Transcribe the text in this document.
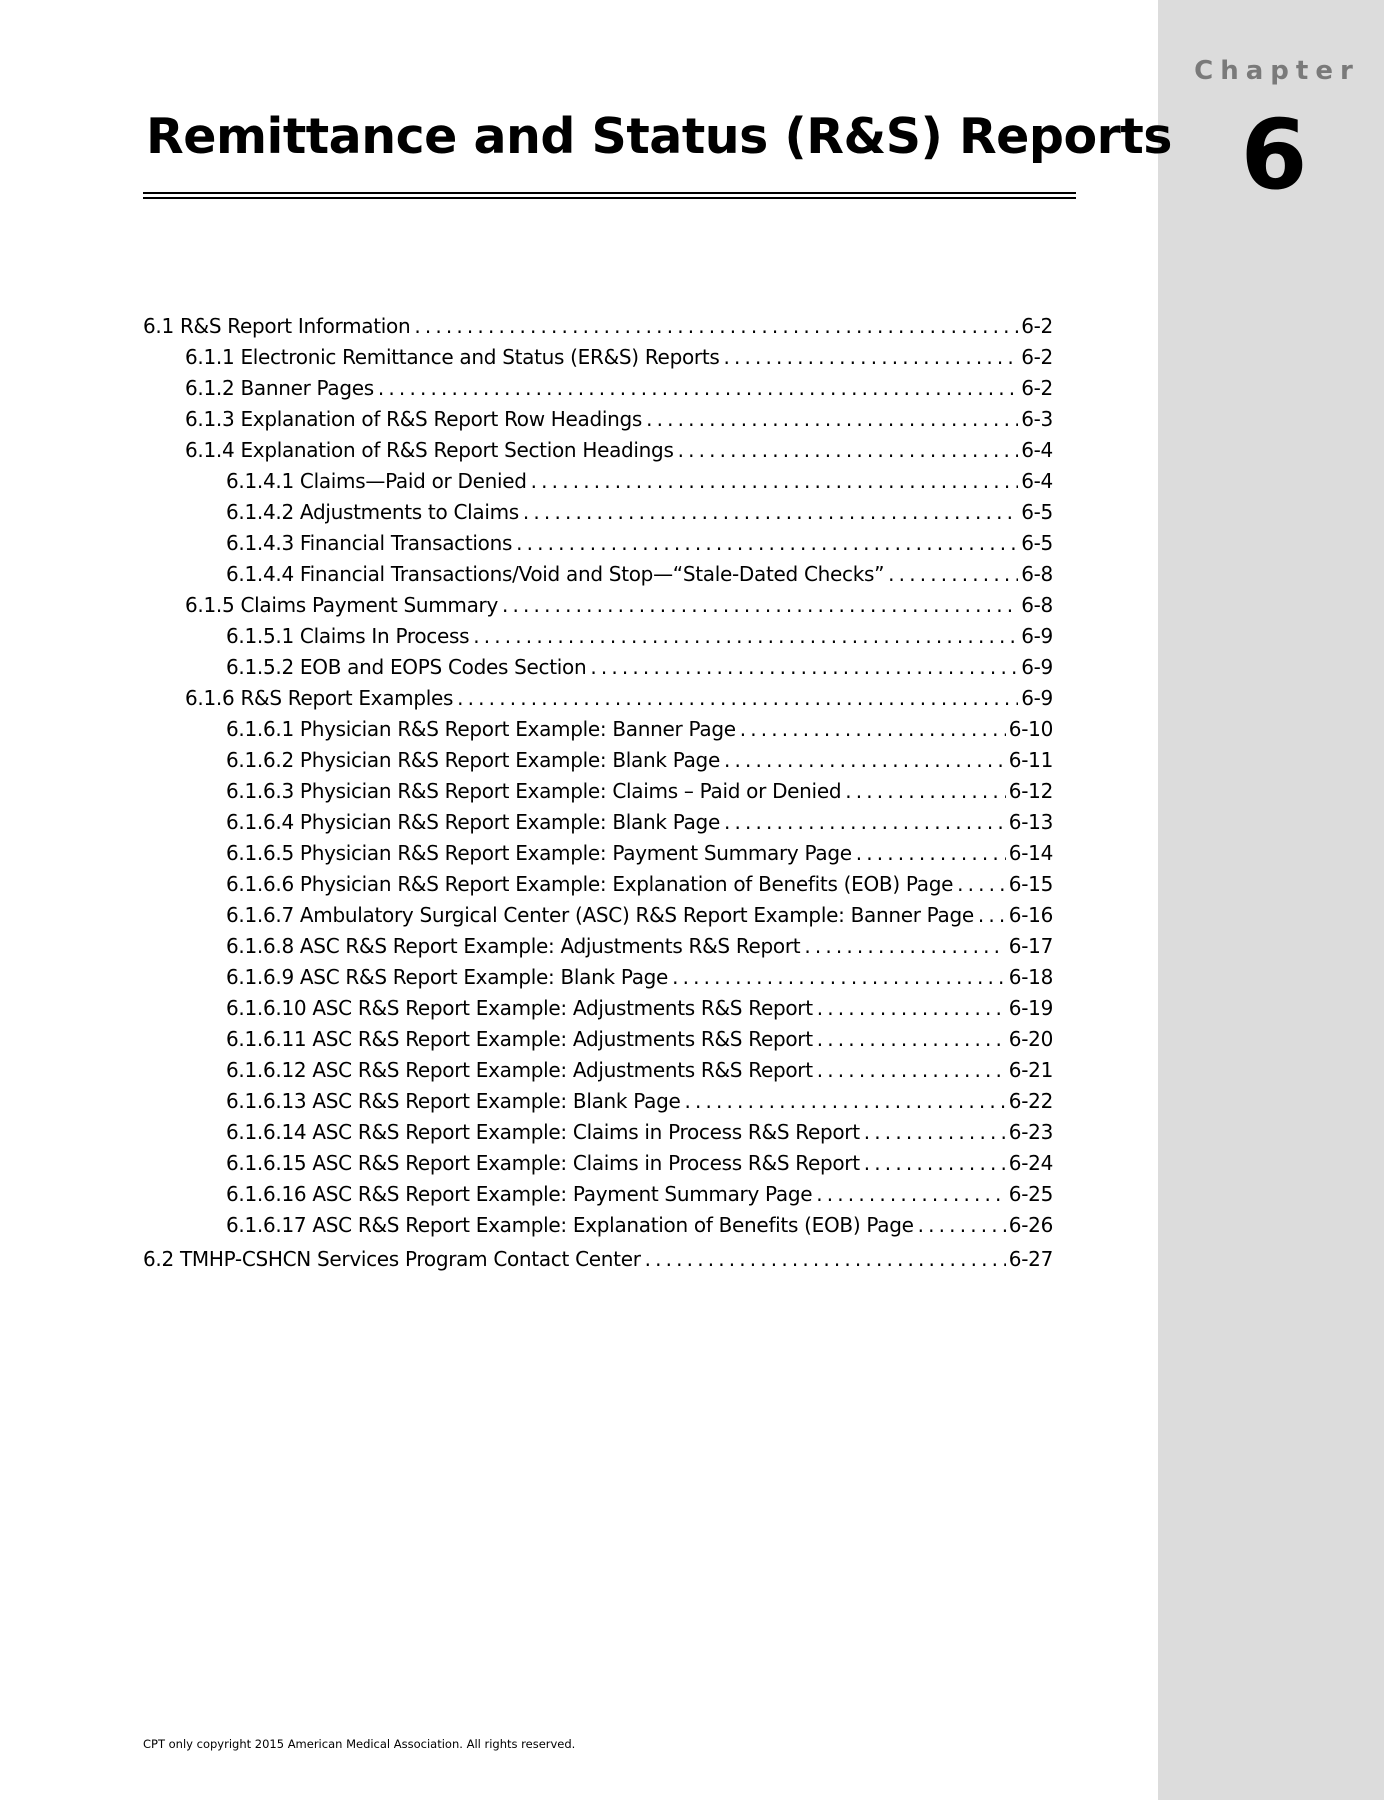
Chapter
6
Remittance and Status (R&S) Reports
6.1 R&S Report Information . . .	6-2
6.1.1 Electronic Remittance and Status (ER&S) Reports . . .	6-2
6.1.2 Banner Pages . . .	6-2
6.1.3 Explanation of R&S Report Row Headings . . .	6-3
6.1.4 Explanation of R&S Report Section Headings . . .	6-4
6.1.4.1 Claims—Paid or Denied . . .	6-4
6.1.4.2 Adjustments to Claims . . .	6-5
6.1.4.3 Financial Transactions . . .	6-5
6.1.4.4 Financial Transactions/Void and Stop—“Stale-Dated Checks” . . .	6-8
6.1.5 Claims Payment Summary . . .	6-8
6.1.5.1 Claims In Process . . .	6-9
6.1.5.2 EOB and EOPS Codes Section . . .	6-9
6.1.6 R&S Report Examples . . .	6-9
6.1.6.1 Physician R&S Report Example: Banner Page . . .	6-10
6.1.6.2 Physician R&S Report Example: Blank Page . . .	6-11
6.1.6.3 Physician R&S Report Example: Claims – Paid or Denied . . .	6-12
6.1.6.4 Physician R&S Report Example: Blank Page . . .	6-13
6.1.6.5 Physician R&S Report Example: Payment Summary Page . . .	6-14
6.1.6.6 Physician R&S Report Example: Explanation of Benefits (EOB) Page . . .	6-15
6.1.6.7 Ambulatory Surgical Center (ASC) R&S Report Example: Banner Page . . . 6-16
6.1.6.8 ASC R&S Report Example: Adjustments R&S Report . . .	6-17
6.1.6.9 ASC R&S Report Example: Blank Page . . .	6-18
6.1.6.10 ASC R&S Report Example: Adjustments R&S Report . . .	6-19
6.1.6.11 ASC R&S Report Example: Adjustments R&S Report . . .	6-20
6.1.6.12 ASC R&S Report Example: Adjustments R&S Report . . .	6-21
6.1.6.13 ASC R&S Report Example: Blank Page . . .	6-22
6.1.6.14 ASC R&S Report Example: Claims in Process R&S Report . . .	6-23
6.1.6.15 ASC R&S Report Example: Claims in Process R&S Report . . .	6-24
6.1.6.16 ASC R&S Report Example: Payment Summary Page . . .	6-25
6.1.6.17 ASC R&S Report Example: Explanation of Benefits (EOB) Page . . .	6-26
6.2 TMHP-CSHCN Services Program Contact Center . . .	6-27
CPT only copyright 2015 American Medical Association. All rights reserved.
